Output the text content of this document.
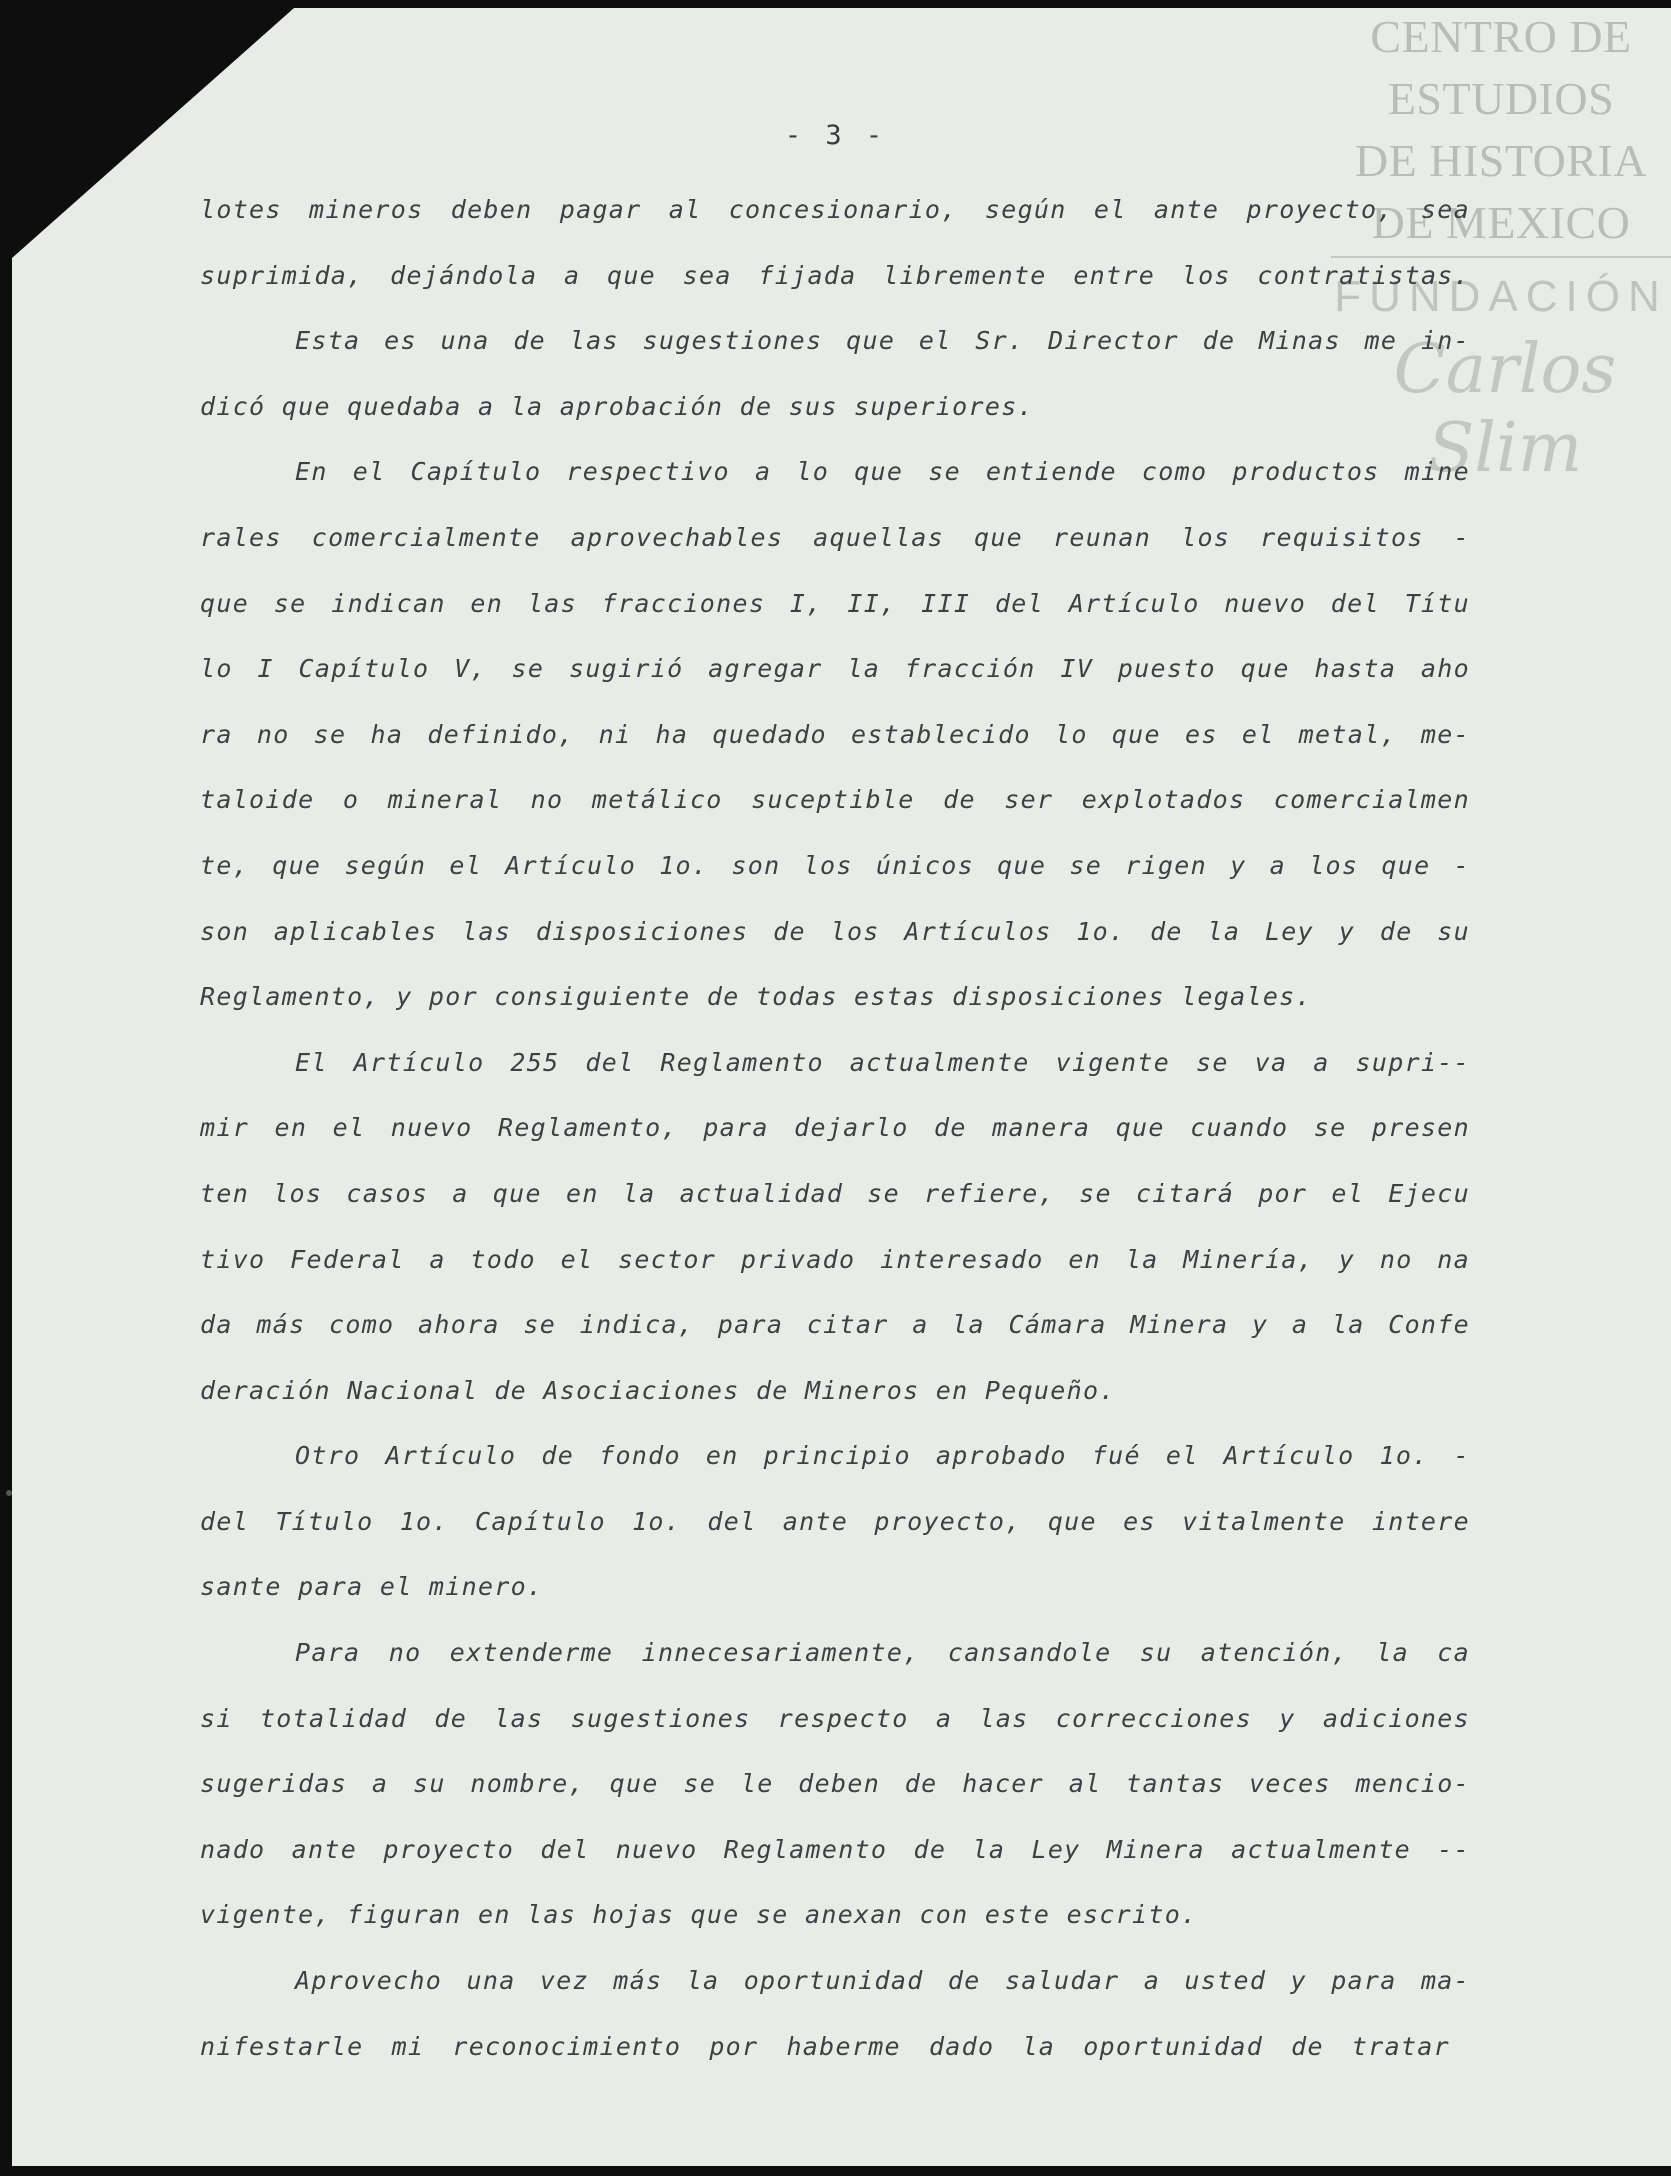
CENTRO DE
ESTUDIOS
DE HISTORIA
DE MEXICO
FUNDACIÓN
Carlos Slim
- 3 -
lotes mineros deben pagar al concesionario, según el ante proyecto, sea
suprimida, dejándola a que sea fijada libremente entre los contratistas.
Esta es una de las sugestiones que el Sr. Director de Minas me in-
dicó que quedaba a la aprobación de sus superiores.
En el Capítulo respectivo a lo que se entiende como productos mine
rales comercialmente aprovechables aquellas que reunan los requisitos -
que se indican en las fracciones I, II, III del Artículo nuevo del Títu
lo I Capítulo V, se sugirió agregar la fracción IV puesto que hasta aho
ra no se ha definido, ni ha quedado establecido lo que es el metal, me-
taloide o mineral no metálico suceptible de ser explotados comercialmen
te, que según el Artículo 1o. son los únicos que se rigen y a los que -
son aplicables las disposiciones de los Artículos 1o. de la Ley y de su
Reglamento, y por consiguiente de todas estas disposiciones legales.
El Artículo 255 del Reglamento actualmente vigente se va a supri--
mir en el nuevo Reglamento, para dejarlo de manera que cuando se presen
ten los casos a que en la actualidad se refiere, se citará por el Ejecu
tivo Federal a todo el sector privado interesado en la Minería, y no na
da más como ahora se indica, para citar a la Cámara Minera y a la Confe
deración Nacional de Asociaciones de Mineros en Pequeño.
Otro Artículo de fondo en principio aprobado fué el Artículo 1o. -
del Título 1o. Capítulo 1o. del ante proyecto, que es vitalmente intere
sante para el minero.
Para no extenderme innecesariamente, cansandole su atención, la ca
si totalidad de las sugestiones respecto a las correcciones y adiciones
sugeridas a su nombre, que se le deben de hacer al tantas veces mencio-
nado ante proyecto del nuevo Reglamento de la Ley Minera actualmente --
vigente, figuran en las hojas que se anexan con este escrito.
Aprovecho una vez más la oportunidad de saludar a usted y para ma-
nifestarle mi reconocimiento por haberme dado la oportunidad de tratar
